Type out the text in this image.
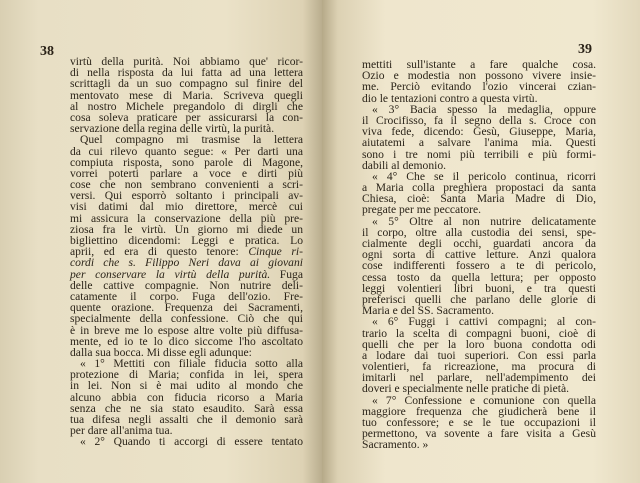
38	39
virtù della purità. Noi abbiamo que' ricor-
di nella risposta da lui fatta ad una lettera
scrittagli da un suo compagno sul finire del
mentovato mese di Maria. Scriveva quegli
al nostro Michele pregandolo di dirgli che
cosa soleva praticare per assicurarsi la con-
servazione della regina delle virtù, la purità.
Quel compagno mi trasmise la lettera
da cui rilevo quanto segue: « Per darti una
compiuta risposta, sono parole di Magone,
vorrei poterti parlare a voce e dirti più
cose che non sembrano convenienti a scri-
versi. Qui esporrò soltanto i principali av-
visi datimi dal mio direttore, mercè cui
mi assicura la conservazione della più pre-
ziosa fra le virtù. Un giorno mi diede un
bigliettino dicendomi: Leggi e pratica. Lo
aprii, ed era di questo tenore: Cinque ri-
cordi che s. Filippo Neri dava ai giovani
per conservare la virtù della purità. Fuga
delle cattive compagnie. Non nutrire deli-
catamente il corpo. Fuga dell'ozio. Fre-
quente orazione. Frequenza dei Sacramenti,
specialmente della confessione. Ciò che qui
è in breve me lo espose altre volte più diffusa-
mente, ed io te lo dico siccome l'ho ascoltato
dalla sua bocca. Mi disse egli adunque:
« 1° Mettiti con filiale fiducia sotto alla
protezione di Maria; confida in lei, spera
in lei. Non si è mai udito al mondo che
alcuno abbia con fiducia ricorso a Maria
senza che ne sia stato esaudito. Sarà essa
tua difesa negli assalti che il demonio sarà
per dare all'anima tua.
« 2° Quando ti accorgi di essere tentato
mettiti sull'istante a fare qualche cosa.
Ozio e modestia non possono vivere insie-
me. Perciò evitando l'ozio vincerai czian-
dio le tentazioni contro a questa virtù.
« 3° Bacia spesso la medaglia, oppure
il Crocifisso, fa il segno della s. Croce con
viva fede, dicendo: Gesù, Giuseppe, Maria,
aiutatemi a salvare l'anima mia. Questi
sono i tre nomi più terribili e più formi-
dabili al demonio.
« 4° Che se il pericolo continua, ricorri
a Maria colla preghiera propostaci da santa
Chiesa, cioè: Santa Maria Madre di Dio,
pregate per me peccatore.
« 5° Oltre al non nutrire delicatamente
il corpo, oltre alla custodia dei sensi, spe-
cialmente degli occhi, guardati ancora da
ogni sorta di cattive letture. Anzi qualora
cose indifferenti fossero a te di pericolo,
cessa tosto da quella lettura; per opposto
leggi volentieri libri buoni, e tra questi
preferisci quelli che parlano delle glorie di
Maria e del SS. Sacramento.
« 6° Fuggi i cattivi compagni; al con-
trario la scelta di compagni buoni, cioè di
quelli che per la loro buona condotta odi
a lodare dai tuoi superiori. Con essi parla
volentieri, fa ricreazione, ma procura di
imitarli nel parlare, nell'adempimento dei
doveri e specialmente nelle pratiche di pietà.
« 7° Confessione e comunione con quella
maggiore frequenza che giudicherà bene il
tuo confessore; e se le tue occupazioni il
permettono, va sovente a fare visita a Gesù
Sacramento. »
